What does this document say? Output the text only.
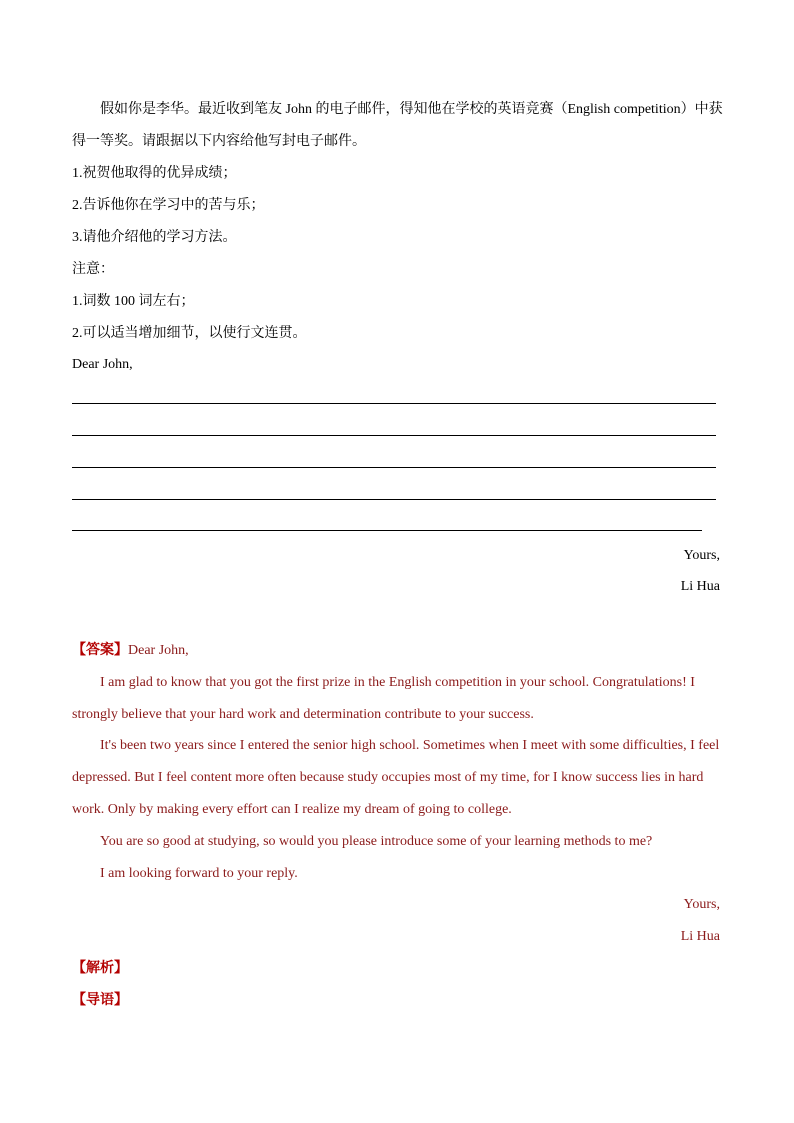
假如你是李华。最近收到笔友 John 的电子邮件，得知他在学校的英语竞赛（English competition）中获
得一等奖。请跟据以下内容给他写封电子邮件。
1.祝贺他取得的优异成绩；
2.告诉他你在学习中的苦与乐；
3.请他介绍他的学习方法。
注意：
1.词数 100 词左右；
2.可以适当增加细节，以使行文连贯。
Dear John,
Yours,
Li Hua
【答案】Dear John,
I am glad to know that you got the first prize in the English competition in your school. Congratulations! I
strongly believe that your hard work and determination contribute to your success.
It's been two years since I entered the senior high school. Sometimes when I meet with some difficulties, I feel
depressed. But I feel content more often because study occupies most of my time, for I know success lies in hard
work. Only by making every effort can I realize my dream of going to college.
You are so good at studying, so would you please introduce some of your learning methods to me?
I am looking forward to your reply.
Yours,
Li Hua
【解析】
【导语】
